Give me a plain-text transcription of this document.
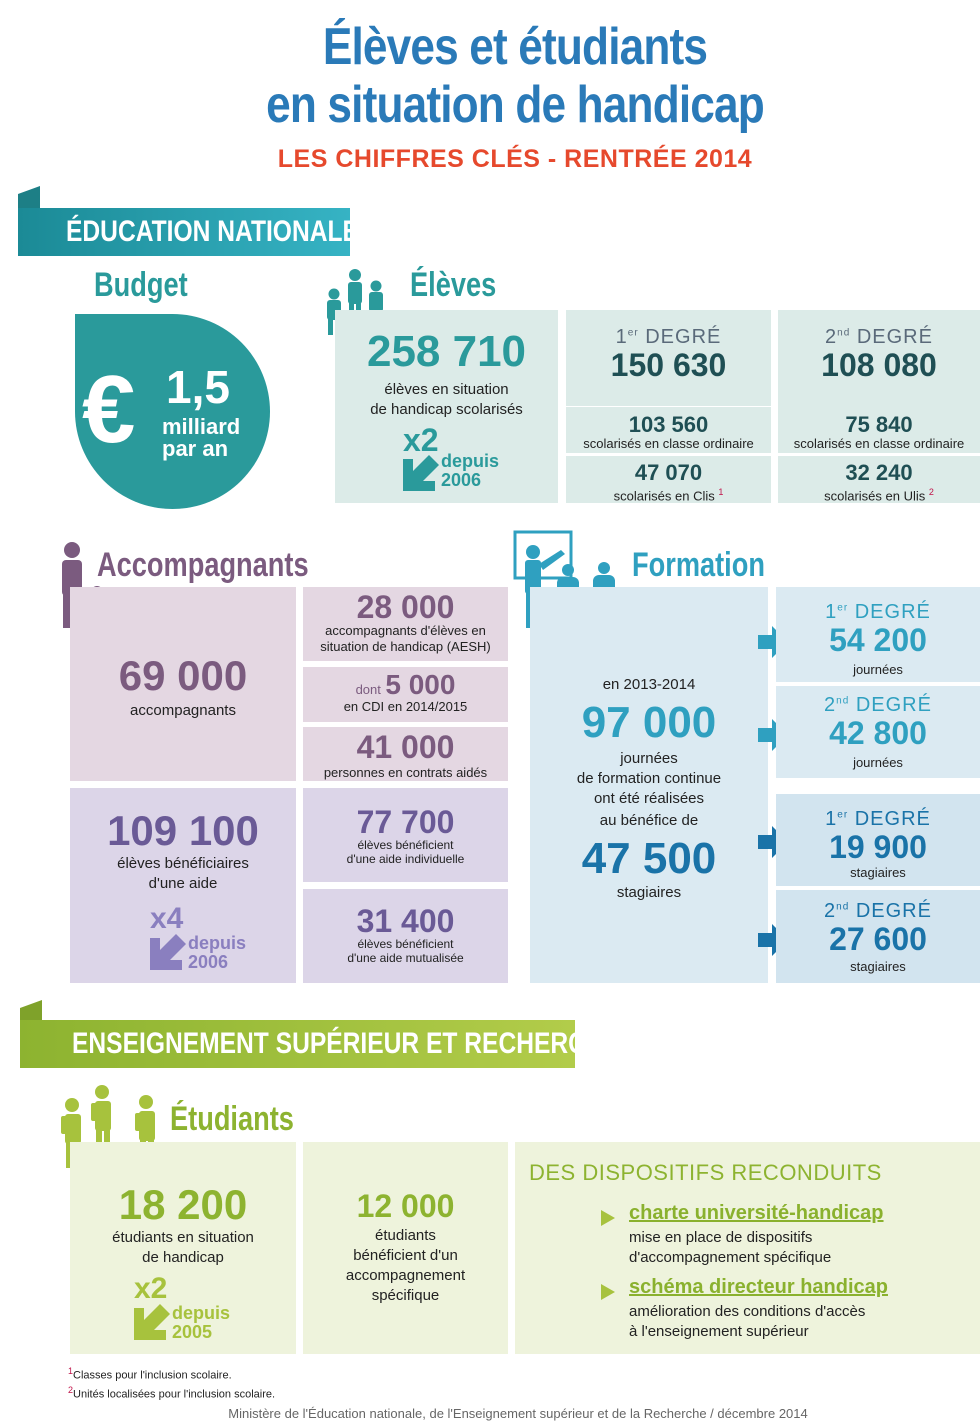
Élèves et étudiants
en situation de handicap
LES CHIFFRES CLÉS - RENTRÉE 2014
ÉDUCATION NATIONALE
Budget
€ 1,5
milliard
par an
Élèves
258 710
élèves en situation
de handicap scolarisés
x2
depuis
2006
1er DEGRÉ
150 630
103 560
scolarisés en classe ordinaire
47 070
scolarisés en Clis $^1$
2nd DEGRÉ
108 080
75 840
scolarisés en classe ordinaire
32 240
scolarisés en Ulis $^2$
Accompagnants
69 000
accompagnants
28 000
accompagnants d'élèves en
situation de handicap (AESH)
dont 5 000
en CDI en 2014/2015
41 000
personnes en contrats aidés
109 100
élèves bénéficiaires
d'une aide
x4
depuis
2006
77 700
élèves bénéficient
d'une aide individuelle
31 400
élèves bénéficient
d'une aide mutualisée
Formation
en 2013-2014
97 000
journées
de formation continue
ont été réalisées
au bénéfice de
47 500
stagiaires
1er DEGRÉ
54 200
journées
2nd DEGRÉ
42 800
journées
1er DEGRÉ
19 900
stagiaires
2nd DEGRÉ
27 600
stagiaires
ENSEIGNEMENT SUPÉRIEUR ET RECHERCHE
Étudiants
18 200
étudiants en situation
de handicap
x2
depuis
2005
12 000
étudiants
bénéficient d'un
accompagnement
spécifique
DES DISPOSITIFS RECONDUITS
charte université-handicap
mise en place de dispositifs
d'accompagnement spécifique
schéma directeur handicap
amélioration des conditions d'accès
à l'enseignement supérieur
$^1$Classes pour l'inclusion scolaire.
$^2$Unités localisées pour l'inclusion scolaire.
Ministère de l'Éducation nationale, de l'Enseignement supérieur et de la Recherche / décembre 2014
